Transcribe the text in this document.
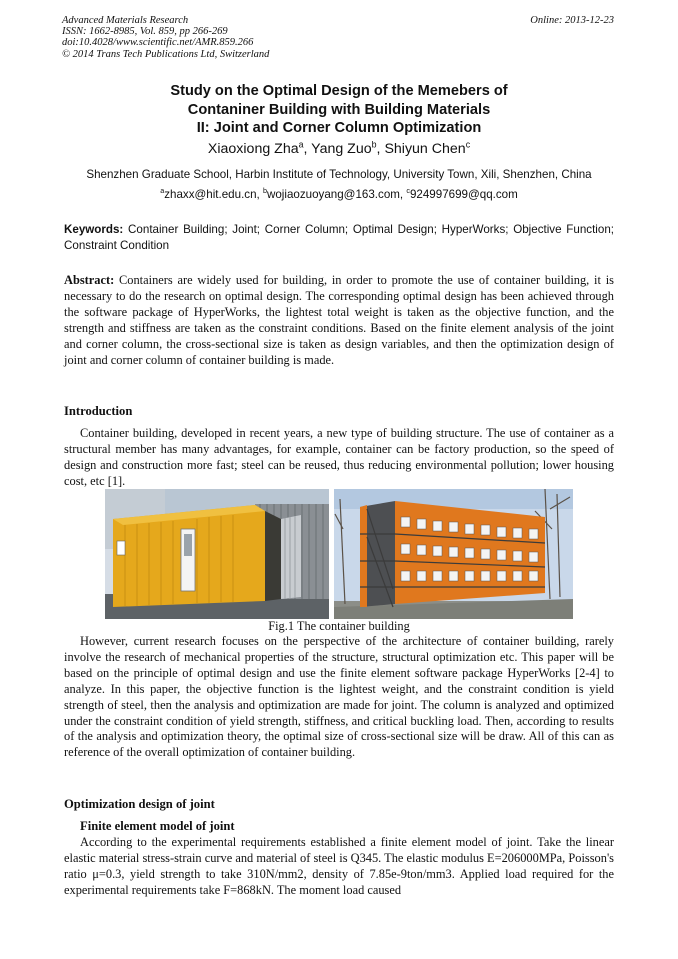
Advanced Materials Research
ISSN: 1662-8985, Vol. 859, pp 266-269
doi:10.4028/www.scientific.net/AMR.859.266
© 2014 Trans Tech Publications Ltd, Switzerland
Online: 2013-12-23
Study on the Optimal Design of the Memebers of
Contaniner Building with Building Materials
II: Joint and Corner Column Optimization
Xiaoxiong Zha$^a$, Yang Zuo$^b$, Shiyun Chen$^c$
Shenzhen Graduate School, Harbin Institute of Technology, University Town, Xili, Shenzhen, China
$^a$zhaxx@hit.edu.cn, $^b$wojiaozuoyang@163.com, $^c$924997699@qq.com
Keywords: Container Building; Joint; Corner Column; Optimal Design; HyperWorks; Objective Function; Constraint Condition
Abstract: Containers are widely used for building, in order to promote the use of container building, it is necessary to do the research on optimal design. The corresponding optimal design has been achieved through the software package of HyperWorks, the lightest total weight is taken as the objective function, and the strength and stiffness are taken as the constraint conditions. Based on the finite element analysis of the joint and corner column, the cross-sectional size is taken as design variables, and then the optimization design of joint and corner column of container building is made.
Introduction
Container building, developed in recent years, a new type of building structure. The use of container as a structural member has many advantages, for example, container can be factory production, so the speed of design and construction more fast; steel can be reused, thus reducing environmental pollution; lower housing cost, etc [1].
Fig.1 The container building
However, current research focuses on the perspective of the architecture of container building, rarely involve the research of mechanical properties of the structure, structural optimization etc. This paper will be based on the principle of optimal design and use the finite element software package HyperWorks [2-4] to analyze. In this paper, the objective function is the lightest weight, and the constraint condition is yield strength of steel, then the analysis and optimization are made for joint. The column is analyzed and optimized under the constraint condition of yield strength, stiffness, and critical buckling load. Then, according to results of the analysis and optimization theory, the optimal size of cross-sectional size will be draw. All of this can as reference of the overall optimization of container building.
Optimization design of joint
Finite element model of joint
According to the experimental requirements established a finite element model of joint. Take the linear elastic material stress-strain curve and material of steel is Q345. The elastic modulus E=206000MPa, Poisson's ratio μ=0.3, yield strength to take 310N/mm2, density of 7.85e-9ton/mm3. Applied load required for the experimental requirements take F=868kN. The moment load caused
